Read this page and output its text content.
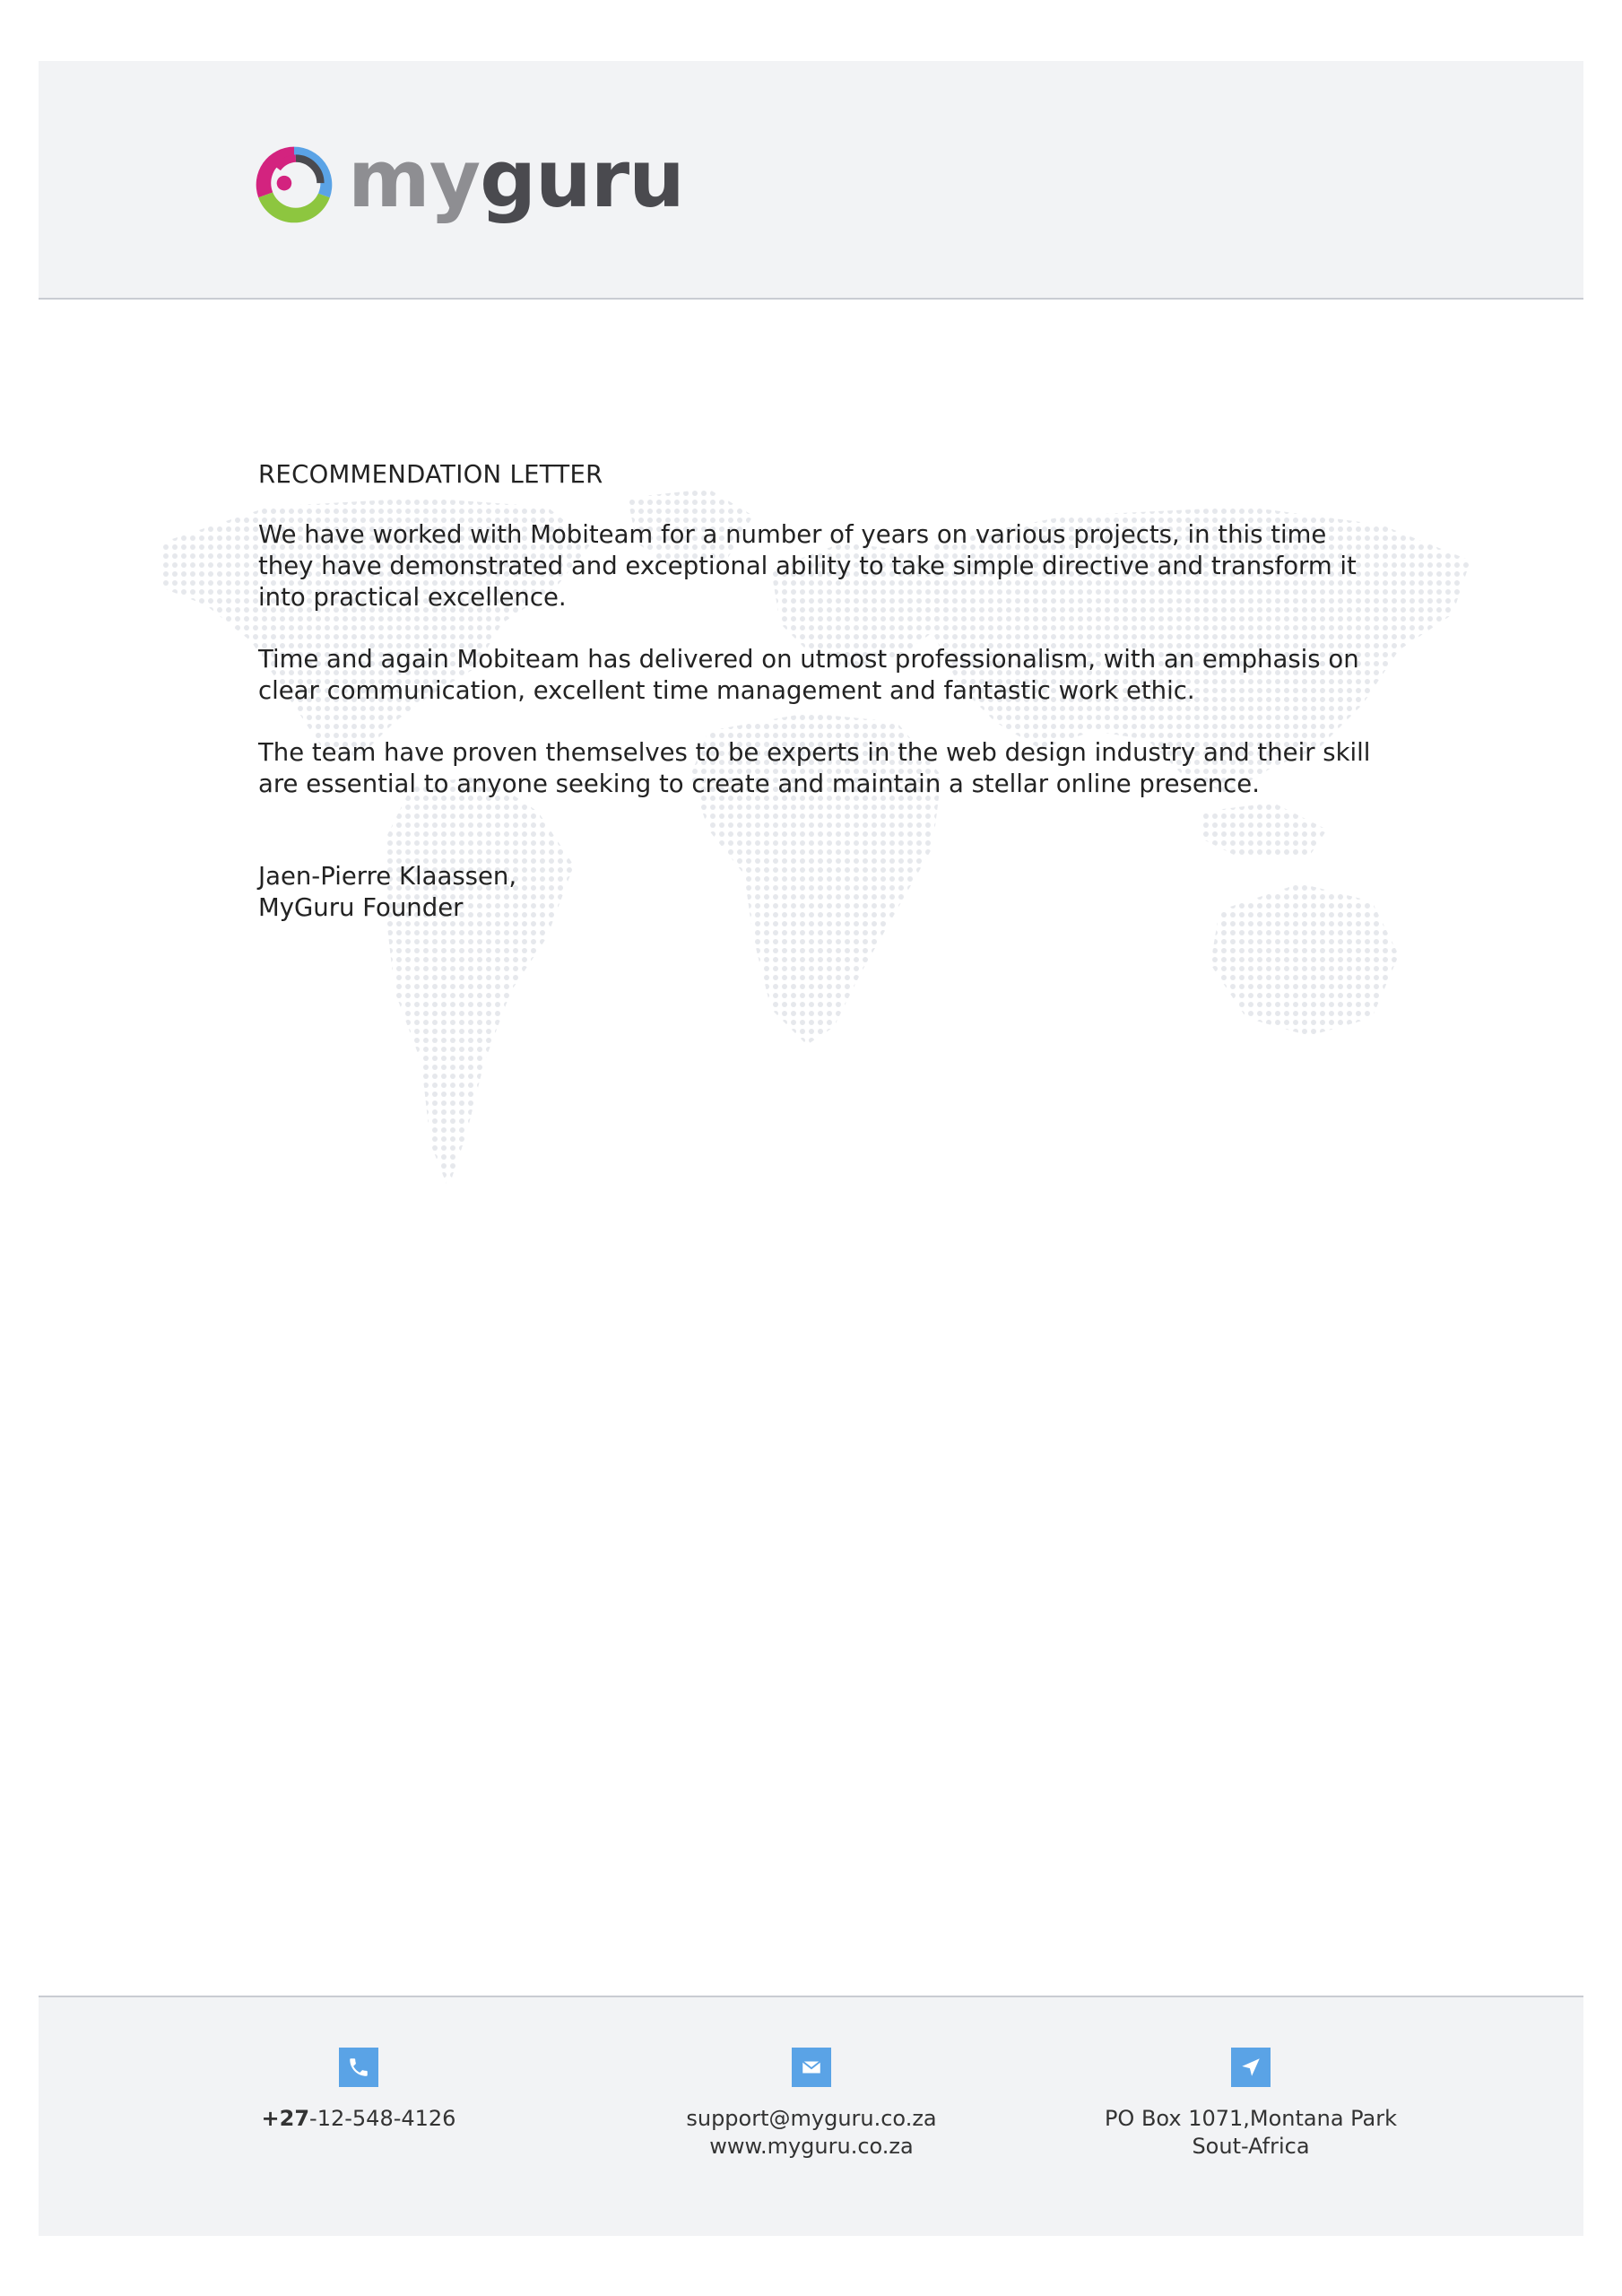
myguru
RECOMMENDATION LETTER

We have worked with Mobiteam for a number of years on various projects, in this time they have demonstrated and exceptional ability to take simple directive and transform it into practical excellence.

Time and again Mobiteam has delivered on utmost professionalism, with an emphasis on clear communication, excellent time management and fantastic work ethic.

The team have proven themselves to be experts in the web design industry and their skill are essential to anyone seeking to create and maintain a stellar online presence.

Jaen-Pierre Klaassen,
MyGuru Founder
+27-12-548-4126	support@myguru.co.za
www.myguru.co.za
PO Box 1071,Montana Park
Sout-Africa
